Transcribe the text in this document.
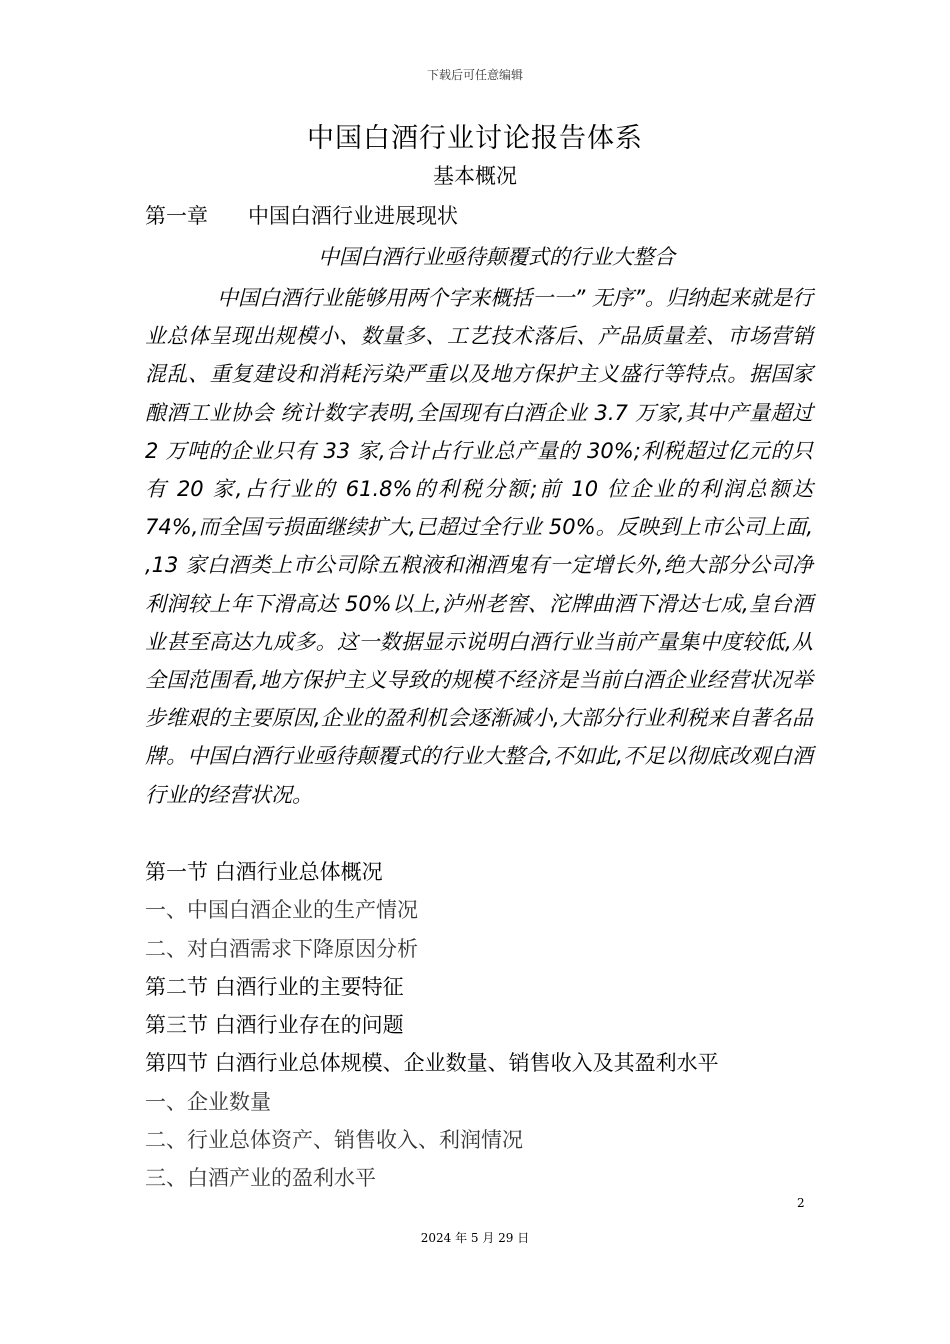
下载后可任意编辑
中国白酒行业讨论报告体系
基本概况
第一章      中国白酒行业进展现状
中国白酒行业亟待颠覆式的行业大整合

中国白酒行业能够用两个字来概括一一” 无序”。归纳起来就是行业总体呈现出规模小、数量多、工艺技术落后、产品质量差、市场营销混乱、重复建设和消耗污染严重以及地方保护主义盛行等特点。据国家酿酒工业协会 统计数字表明,全国现有白酒企业 3.7 万家,其中产量超过 2 万吨的企业只有 33 家,合计占行业总产量的 30%;利税超过亿元的只有 20 家,占行业的 61.8%的利税分额;前 10 位企业的利润总额达 74%,而全国亏损面继续扩大,已超过全行业 50%。反映到上市公司上面, ,13 家白酒类上市公司除五粮液和湘酒鬼有一定增长外,绝大部分公司净利润较上年下滑高达 50%以上,泸州老窖、沱牌曲酒下滑达七成,皇台酒业甚至高达九成多。这一数据显示说明白酒行业当前产量集中度较低,从全国范围看,地方保护主义导致的规模不经济是当前白酒企业经营状况举步维艰的主要原因,企业的盈利机会逐渐减小,大部分行业利税来自著名品牌。中国白酒行业亟待颠覆式的行业大整合,不如此,不足以彻底改观白酒行业的经营状况。

第一节 白酒行业总体概况
一、中国白酒企业的生产情况
二、对白酒需求下降原因分析
第二节 白酒行业的主要特征
第三节 白酒行业存在的问题
第四节 白酒行业总体规模、企业数量、销售收入及其盈利水平
一、企业数量
二、行业总体资产、销售收入、利润情况
三、白酒产业的盈利水平
2
2024 年 5 月 29 日
